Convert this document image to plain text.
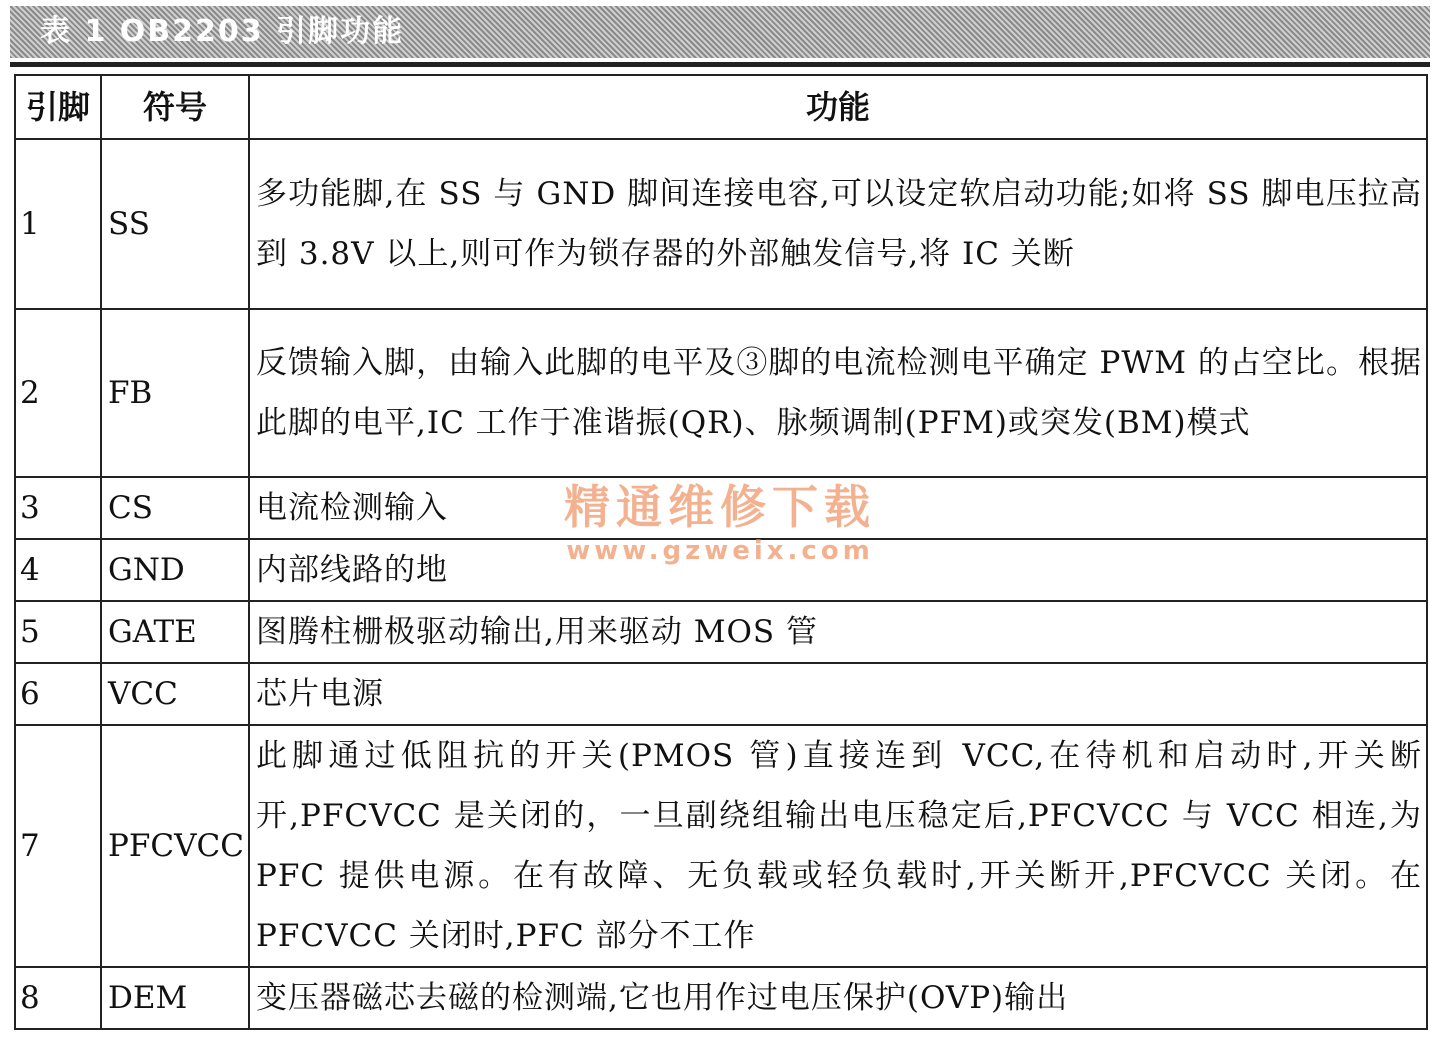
表 1 OB2203 引脚功能
引脚	符号	功能
1	SS	多功能脚,在 SS 与 GND 脚间连接电容,可以设定软启动功能;如将 SS 脚电压拉高到 3.8V 以上,则可作为锁存器的外部触发信号,将 IC 关断
2	FB	反馈输入脚，由输入此脚的电平及③脚的电流检测电平确定 PWM 的占空比。根据此脚的电平,IC 工作于准谐振(QR)、脉频调制(PFM)或突发(BM)模式
3	CS	电流检测输入
4	GND	内部线路的地
5	GATE	图腾柱栅极驱动输出,用来驱动 MOS 管
6	VCC	芯片电源
7	PFCVCC	此脚通过低阻抗的开关(PMOS 管)直接连到 VCC,在待机和启动时,开关断开,PFCVCC 是关闭的，一旦副绕组输出电压稳定后,PFCVCC 与 VCC 相连,为 PFC 提供电源。在有故障、无负载或轻负载时,开关断开,PFCVCC 关闭。在 PFCVCC 关闭时,PFC 部分不工作
8	DEM	变压器磁芯去磁的检测端,它也用作过电压保护(OVP)输出
精通维修下载
www.gzweix.com
